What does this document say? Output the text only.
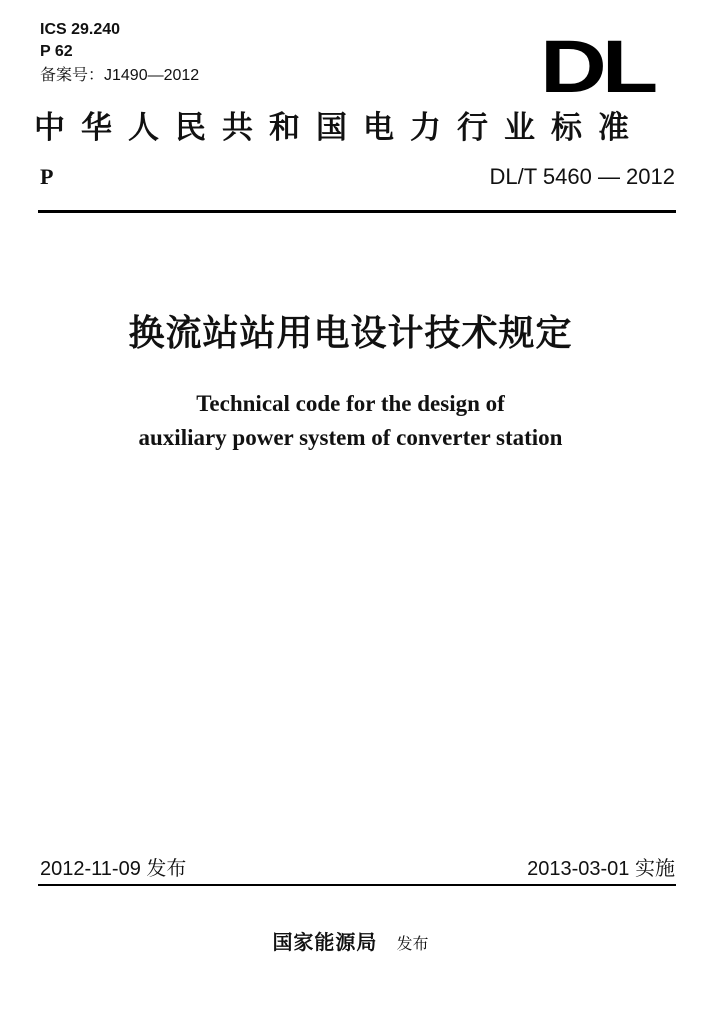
ICS 29.240
P 62
备案号：J1490—2012	DL
中华人民共和国电力行业标准
P	DL/T 5460 — 2012
换流站站用电设计技术规定
Technical code for the design of
auxiliary power system of converter station
2012-11-09 发布	2013-03-01 实施
国家能源局 发布
